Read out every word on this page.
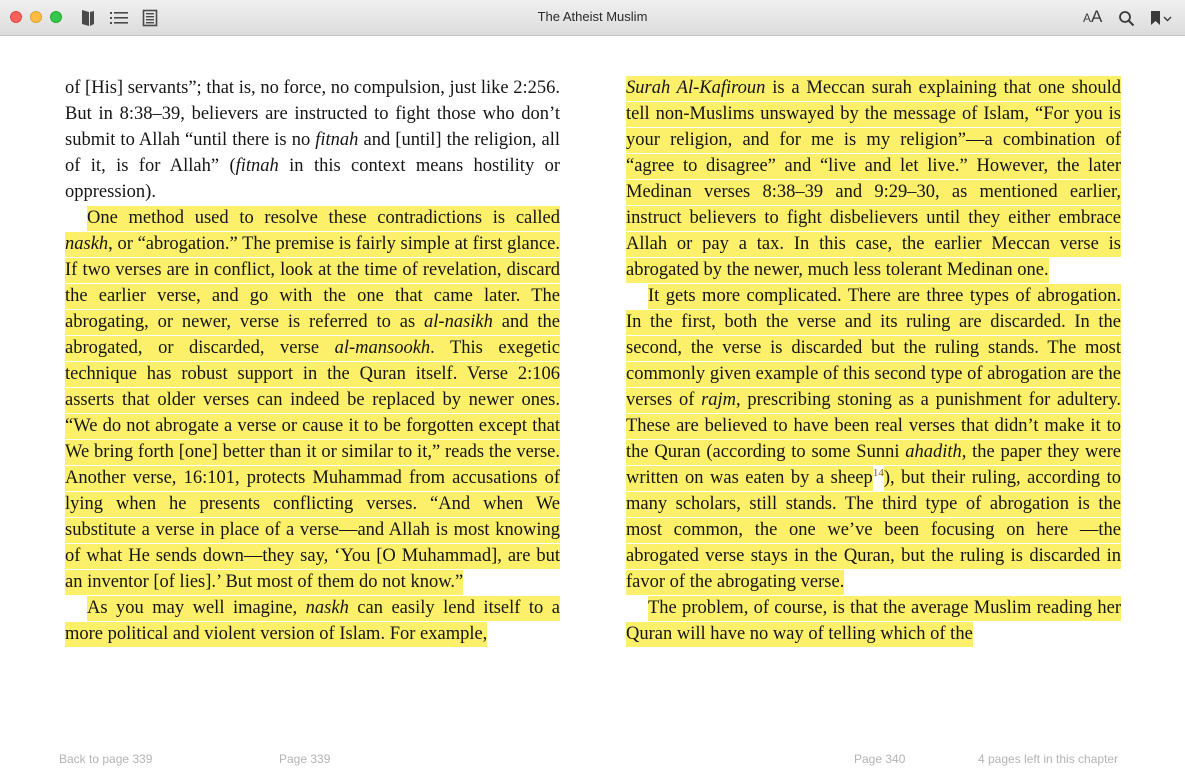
The Atheist Muslim	AA

of [His] servants”; that is, no force, no compulsion, just like 2:256. But in 8:38–39, believers are instructed to fight those who don’t submit to Allah “until there is no fitnah and [until] the religion, all of it, is for Allah” (fitnah in this context means hostility or oppression).

One method used to resolve these contradictions is called naskh, or “abrogation.” The premise is fairly simple at first glance. If two verses are in conflict, look at the time of revelation, discard the earlier verse, and go with the one that came later. The abrogating, or newer, verse is referred to as al-nasikh and the abrogated, or discarded, verse al-mansookh. This exegetic technique has robust support in the Quran itself. Verse 2:106 asserts that older verses can indeed be replaced by newer ones. “We do not abrogate a verse or cause it to be forgotten except that We bring forth [one] better than it or similar to it,” reads the verse. Another verse, 16:101, protects Muhammad from accusations of lying when he presents conflicting verses. “And when We substitute a verse in place of a verse—and Allah is most knowing of what He sends down—they say, ‘You [O Muhammad], are but an inventor [of lies].’ But most of them do not know.”

As you may well imagine, naskh can easily lend itself to a more political and violent version of Islam. For example,

Surah Al-Kafiroun is a Meccan surah explaining that one should tell non-Muslims unswayed by the message of Islam, “For you is your religion, and for me is my religion”—a combination of “agree to disagree” and “live and let live.” However, the later Medinan verses 8:38–39 and 9:29–30, as mentioned earlier, instruct believers to fight disbelievers until they either embrace Allah or pay a tax. In this case, the earlier Meccan verse is abrogated by the newer, much less tolerant Medinan one.

It gets more complicated. There are three types of abrogation. In the first, both the verse and its ruling are discarded. In the second, the verse is discarded but the ruling stands. The most commonly given example of this second type of abrogation are the verses of rajm, prescribing stoning as a punishment for adultery. These are believed to have been real verses that didn’t make it to the Quran (according to some Sunni ahadith, the paper they were written on was eaten by a sheep$^{14}$), but their ruling, according to many scholars, still stands. The third type of abrogation is the most common, the one we’ve been focusing on here —the abrogated verse stays in the Quran, but the ruling is discarded in favor of the abrogating verse.

The problem, of course, is that the average Muslim reading her Quran will have no way of telling which of the

Back to page 339	Page 339	Page 340	4 pages left in this chapter
